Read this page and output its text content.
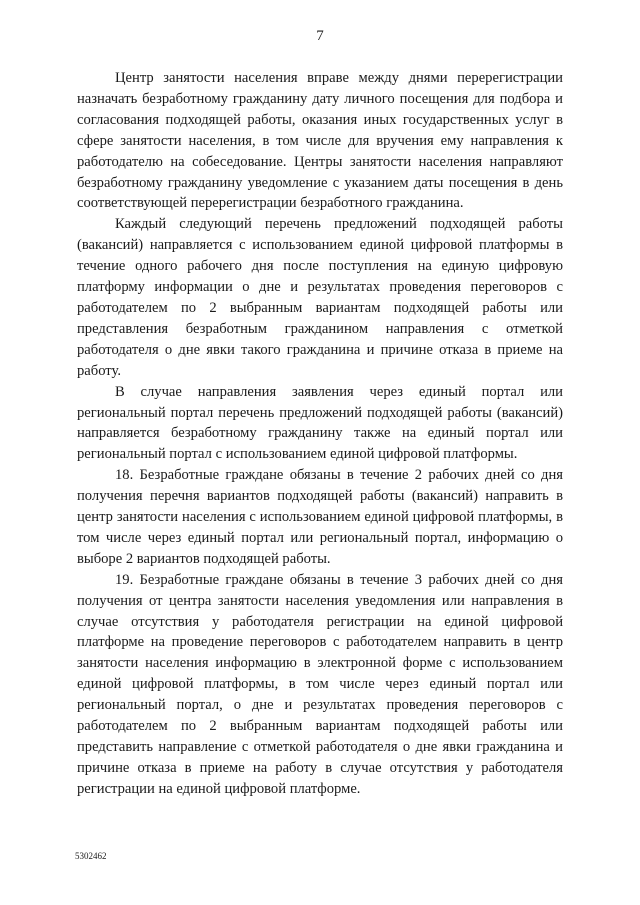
7

Центр занятости населения вправе между днями перерегистрации назначать безработному гражданину дату личного посещения для подбора и согласования подходящей работы, оказания иных государственных услуг в сфере занятости населения, в том числе для вручения ему направления к работодателю на собеседование. Центры занятости населения направляют безработному гражданину уведомление с указанием даты посещения в день соответствующей перерегистрации безработного гражданина.

Каждый следующий перечень предложений подходящей работы (вакансий) направляется с использованием единой цифровой платформы в течение одного рабочего дня после поступления на единую цифровую платформу информации о дне и результатах проведения переговоров с работодателем по 2 выбранным вариантам подходящей работы или представления безработным гражданином направления с отметкой работодателя о дне явки такого гражданина и причине отказа в приеме на работу.

В случае направления заявления через единый портал или региональный портал перечень предложений подходящей работы (вакансий) направляется безработному гражданину также на единый портал или региональный портал с использованием единой цифровой платформы.

18. Безработные граждане обязаны в течение 2 рабочих дней со дня получения перечня вариантов подходящей работы (вакансий) направить в центр занятости населения с использованием единой цифровой платформы, в том числе через единый портал или региональный портал, информацию о выборе 2 вариантов подходящей работы.

19. Безработные граждане обязаны в течение 3 рабочих дней со дня получения от центра занятости населения уведомления или направления в случае отсутствия у работодателя регистрации на единой цифровой платформе на проведение переговоров с работодателем направить в центр занятости населения информацию в электронной форме с использованием единой цифровой платформы, в том числе через единый портал или региональный портал, о дне и результатах проведения переговоров с работодателем по 2 выбранным вариантам подходящей работы или представить направление с отметкой работодателя о дне явки гражданина и причине отказа в приеме на работу в случае отсутствия у работодателя регистрации на единой цифровой платформе.

5302462
